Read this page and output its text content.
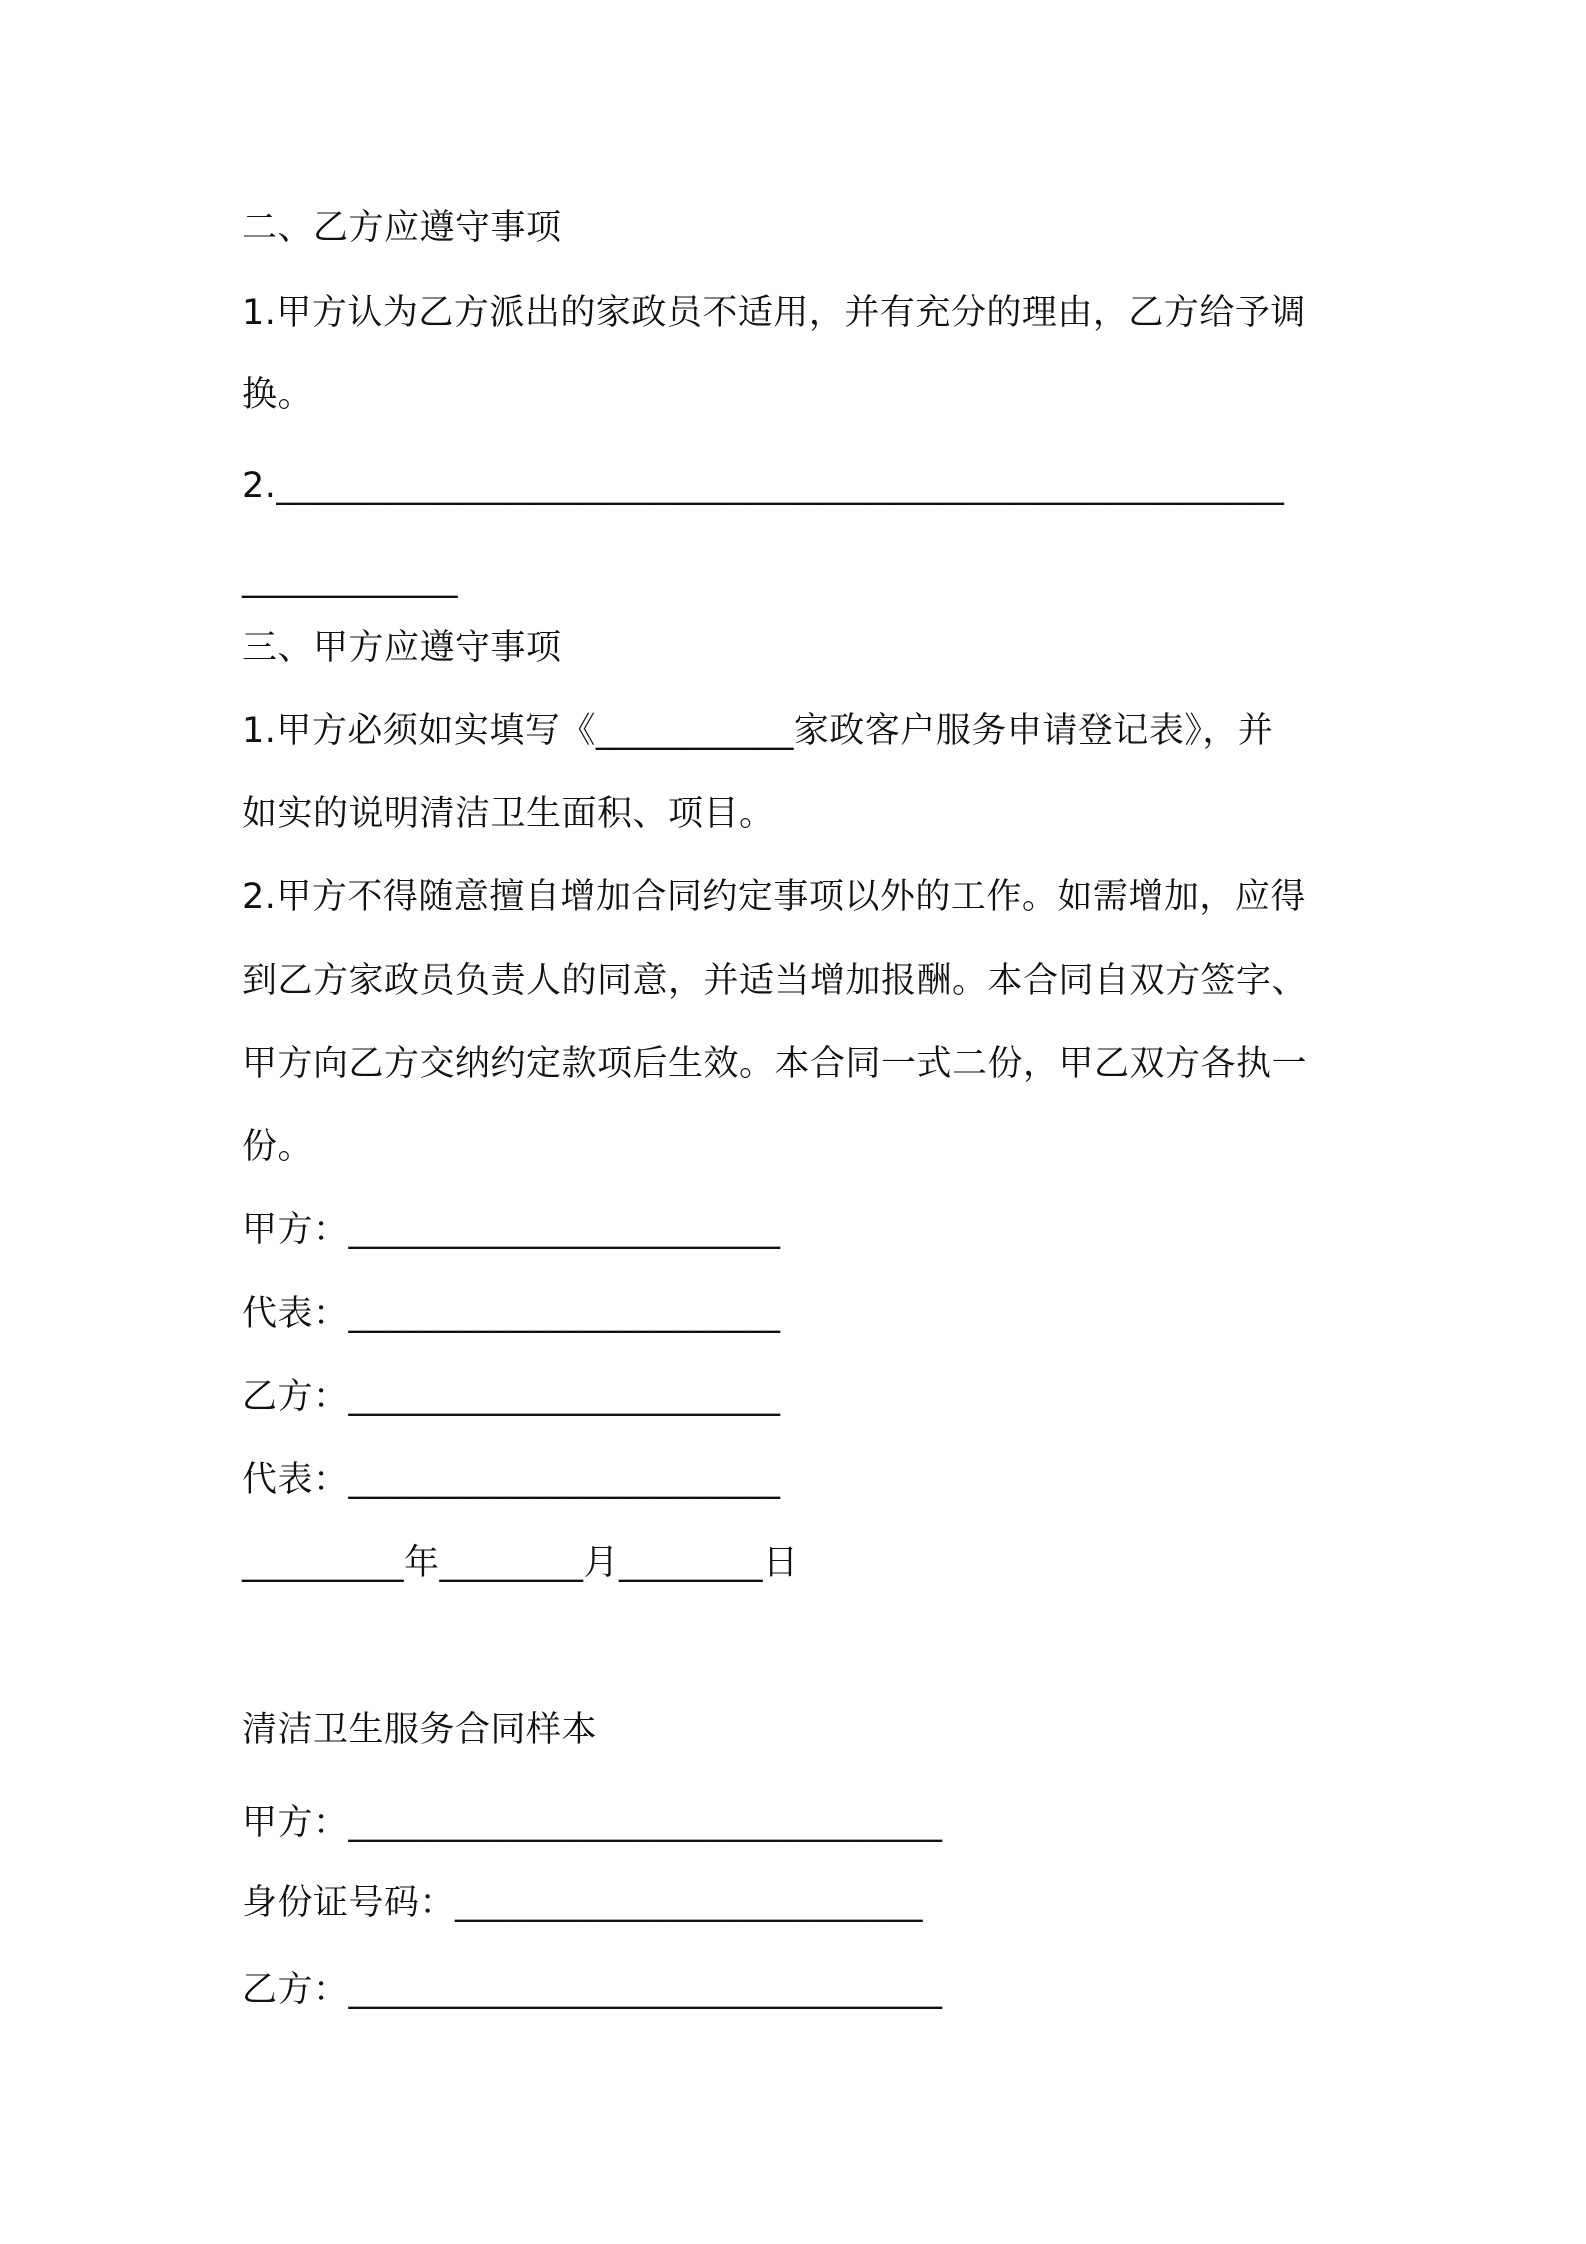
二、乙方应遵守事项

1.甲方认为乙方派出的家政员不适用，并有充分的理由，乙方给予调

换。

2.________________________________________________________

____________

三、甲方应遵守事项

1.甲方必须如实填写《___________家政客户服务申请登记表》，并

如实的说明清洁卫生面积、项目。

2.甲方不得随意擅自增加合同约定事项以外的工作。如需增加，应得

到乙方家政员负责人的同意，并适当增加报酬。本合同自双方签字、

甲方向乙方交纳约定款项后生效。本合同一式二份，甲乙双方各执一

份。

甲方：________________________

代表：________________________

乙方：________________________

代表：________________________

_________年________月________日

清洁卫生服务合同样本

甲方：_________________________________

身份证号码：__________________________

乙方：_________________________________
